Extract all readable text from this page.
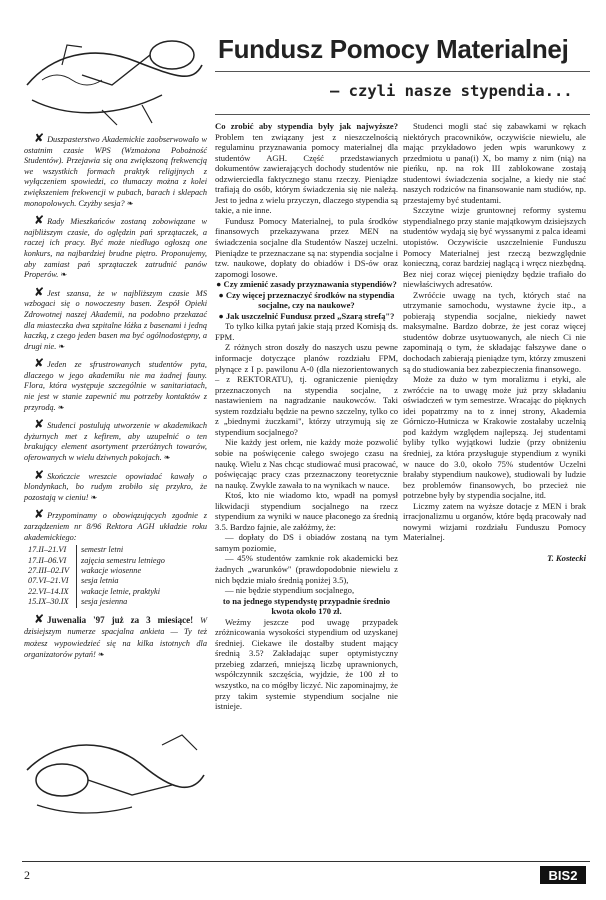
✘ Duszpasterstwo Akademickie zaobserwowało w ostatnim czasie WPS (Wzmożona Pobożność Studentów). Przejawia się ona zwiększoną frekwencją we wszystkich formach praktyk religijnych z wyłączeniem spowiedzi, co tłumaczy można z kolei zwiększeniem frekwencji w pubach, barach i sklepach monopolowych. Czyżby sesja? ❧

✘ Rady Mieszkańców zostaną zobowiązane w najbliższym czasie, do oględzin pań sprzątaczek, a raczej ich pracy. Być może niedługo ogłoszą one konkurs, na najbardziej brudne piętro. Proponujemy, aby zamiast pań sprzątaczek zatrudnić panów Properów. ❧

✘ Jest szansa, że w najbliższym czasie MS wzbogaci się o nowoczesny basen. Zespół Opieki Zdrowotnej naszej Akademii, na podobno przekazać dla miasteczka dwa szpitalne łóżka z basenami i jedną kaczką, z czego jeden basen ma być ogólnodostępny, a drugi nie. ❧

✘ Jeden ze sfrustrowanych studentów pyta, dlaczego w jego akademiku nie ma żadnej fauny. Flora, która występuje szczególnie w sanitariatach, nie jest w stanie zapewnić mu potrzeby kontaktów z przyrodą. ❧

✘ Studenci postulują utworzenie w akademikach dyżurnych met z kefirem, aby uzupełnić o ten brakujący element asortyment przeróżnych towarów, oferowanych w wielu dziwnych pokojach. ❧

✘ Skończcie wreszcie opowiadać kawały o blondynkach, bo rudym zrobiło się przykro, że pozostają w cieniu! ❧

✘ Przypominamy o obowiązujących zgodnie z zarządzeniem nr 8/96 Rektora AGH układzie roku akademickiego:

17.II–21.VI	semestr letni
17.II–06.VI	zajęcia semestru letniego
27.III–02.IV	wakacje wiosenne
07.VI–21.VI	sesja letnia
22.VI–14.IX	wakacje letnie, praktyki
15.IX–30.IX	sesja jesienna

✘ Juwenalia '97 już za 3 miesiące! W dzisiejszym numerze spacjalna ankieta — Ty też możesz wypowiedzieć się na kilka istotnych dla organizatorów pytań! ❧

Fundusz Pomocy Materialnej
– czyli nasze stypendia...

Co zrobić aby stypendia były jak najwyższe? Problem ten związany jest z nieszczelnością regulaminu przyznawania pomocy materialnej dla studentów AGH. Część przedstawianych dokumentów zawierających dochody studentów nie odzwierciedla faktycznego stanu rzeczy. Pieniądze trafiają do osób, którym świadczenia się nie należą. Jest to jedna z wielu przyczyn, dlaczego stypendia są takie, a nie inne.

Fundusz Pomocy Materialnej, to pula środków finansowych przekazywana przez MEN na świadczenia socjalne dla Studentów Naszej uczelni. Pieniądze te przeznaczane są na: stypendia socjalne i tzw. naukowe, dopłaty do obiadów i DS-ów oraz zapomogi losowe.

● Czy zmienić zasady przyznawania stypendiów?

● Czy więcej przeznaczyć środków na stypendia socjalne, czy na naukowe?

● Jak uszczelnić Fundusz przed „Szarą strefą"?

To tylko kilka pytań jakie stają przed Komisją ds. FPM.

Z różnych stron doszły do naszych uszu pewne informacje dotyczące planów rozdziału FPM, płynące z I p. pawilonu A-0 (dla niezorientowanych – z REKTORATU), tj. ograniczenie pieniędzy przeznaczonych na stypendia socjalne, z nastawieniem na nagradzanie naukowców. Taki system rozdziału będzie na pewno szczelny, tylko co z „biednymi żuczkami", którzy utrzymują się ze stypendium socjalnego?

Nie każdy jest orłem, nie każdy może pozwolić sobie na poświęcenie całego swojego czasu na naukę. Wielu z Nas chcąc studiować musi pracować, poświęcając pracy czas przeznaczony teoretycznie na naukę. Zwykle zawała to na wynikach w nauce.

Ktoś, kto nie wiadomo kto, wpadł na pomysł likwidacji stypendium socjalnego na rzecz stypendium za wyniki w nauce płaconego za średnią 3.5. Bardzo fajnie, ale załóżmy, że:

— dopłaty do DS i obiadów zostaną na tym samym poziomie,

— 45% studentów zamknie rok akademicki bez żadnych „warunków" (prawdopodobnie niewielu z nich będzie miało średnią poniżej 3.5),

— nie będzie stypendium socjalnego,

to na jednego stypendystę przypadnie średnio kwota około 170 zł.

Weźmy jeszcze pod uwagę przypadek zróżnicowania wysokości stypendium od uzyskanej średniej. Ciekawe ile dostałby student mający średnią 3.5? Zakładając super optymistyczny przebieg zdarzeń, mniejszą liczbę uprawnionych, współczynnik szczęścia, wyjdzie, że 100 zł to wszystko, na co mógłby liczyć. Nic zapominajmy, że przy takim systemie stypendium socjalne nie istnieje.

Studenci mogli stać się zabawkami w rękach niektórych pracowników, oczywiście niewielu, ale mając przykładowo jeden wpis warunkowy z przedmiotu u pana(i) X, bo mamy z nim (nią) na pieńku, np. na rok III zablokowane zostają studentowi świadczenia socjalne, a kiedy nie stać naszych rodziców na finansowanie nam studiów, np. przestajemy być studentami.

Szczytne wizje gruntownej reformy systemu stypendialnego przy stanie majątkowym dzisiejszych studentów wydają się być wyssanymi z palca ideami utopistów. Oczywiście uszczelnienie Funduszu Pomocy Materialnej jest rzeczą bezwzględnie konieczną, coraz bardziej naglącą i wręcz niezbędną. Bez niej coraz więcej pieniędzy będzie trafiało do niewłaściwych adresatów.

Zwróćcie uwagę na tych, których stać na utrzymanie samochodu, wystawne życie itp., a pobierają stypendia socjalne, niekiedy nawet maksymalne. Bardzo dobrze, że jest coraz więcej studentów dobrze usytuowanych, ale niech Ci nie zapominają o tym, że składając fałszywe dane o dochodach zabierają pieniądze tym, którzy zmuszeni są do studiowania bez zabezpieczenia finansowego.

Może za dużo w tym moralizmu i etyki, ale zwróćcie na to uwagę może już przy składaniu oświadczeń w tym semestrze. Wracając do pięknych idei popatrzmy na to z innej strony, Akademia Górniczo-Hutnicza w Krakowie zostałaby uczelnią pod każdym względem najlepszą. Jej studentami byliby tylko wyjątkowi ludzie (przy obniżeniu średniej, za która przysługuje stypendium z wyniki w nauce do 3.0, około 75% studentów Uczelni brałaby stypendium naukowe), studiowali by ludzie bez problemów finansowych, bo przecież nie potrzebne były by stypendia socjalne, itd.

Liczmy zatem na wyższe dotacje z MEN i brak irracjonalizmu u organów, które będą pracowały nad nowymi wizjami rozdziału Funduszu Pomocy Materialnej.

T. Kostecki

2	BIS2
